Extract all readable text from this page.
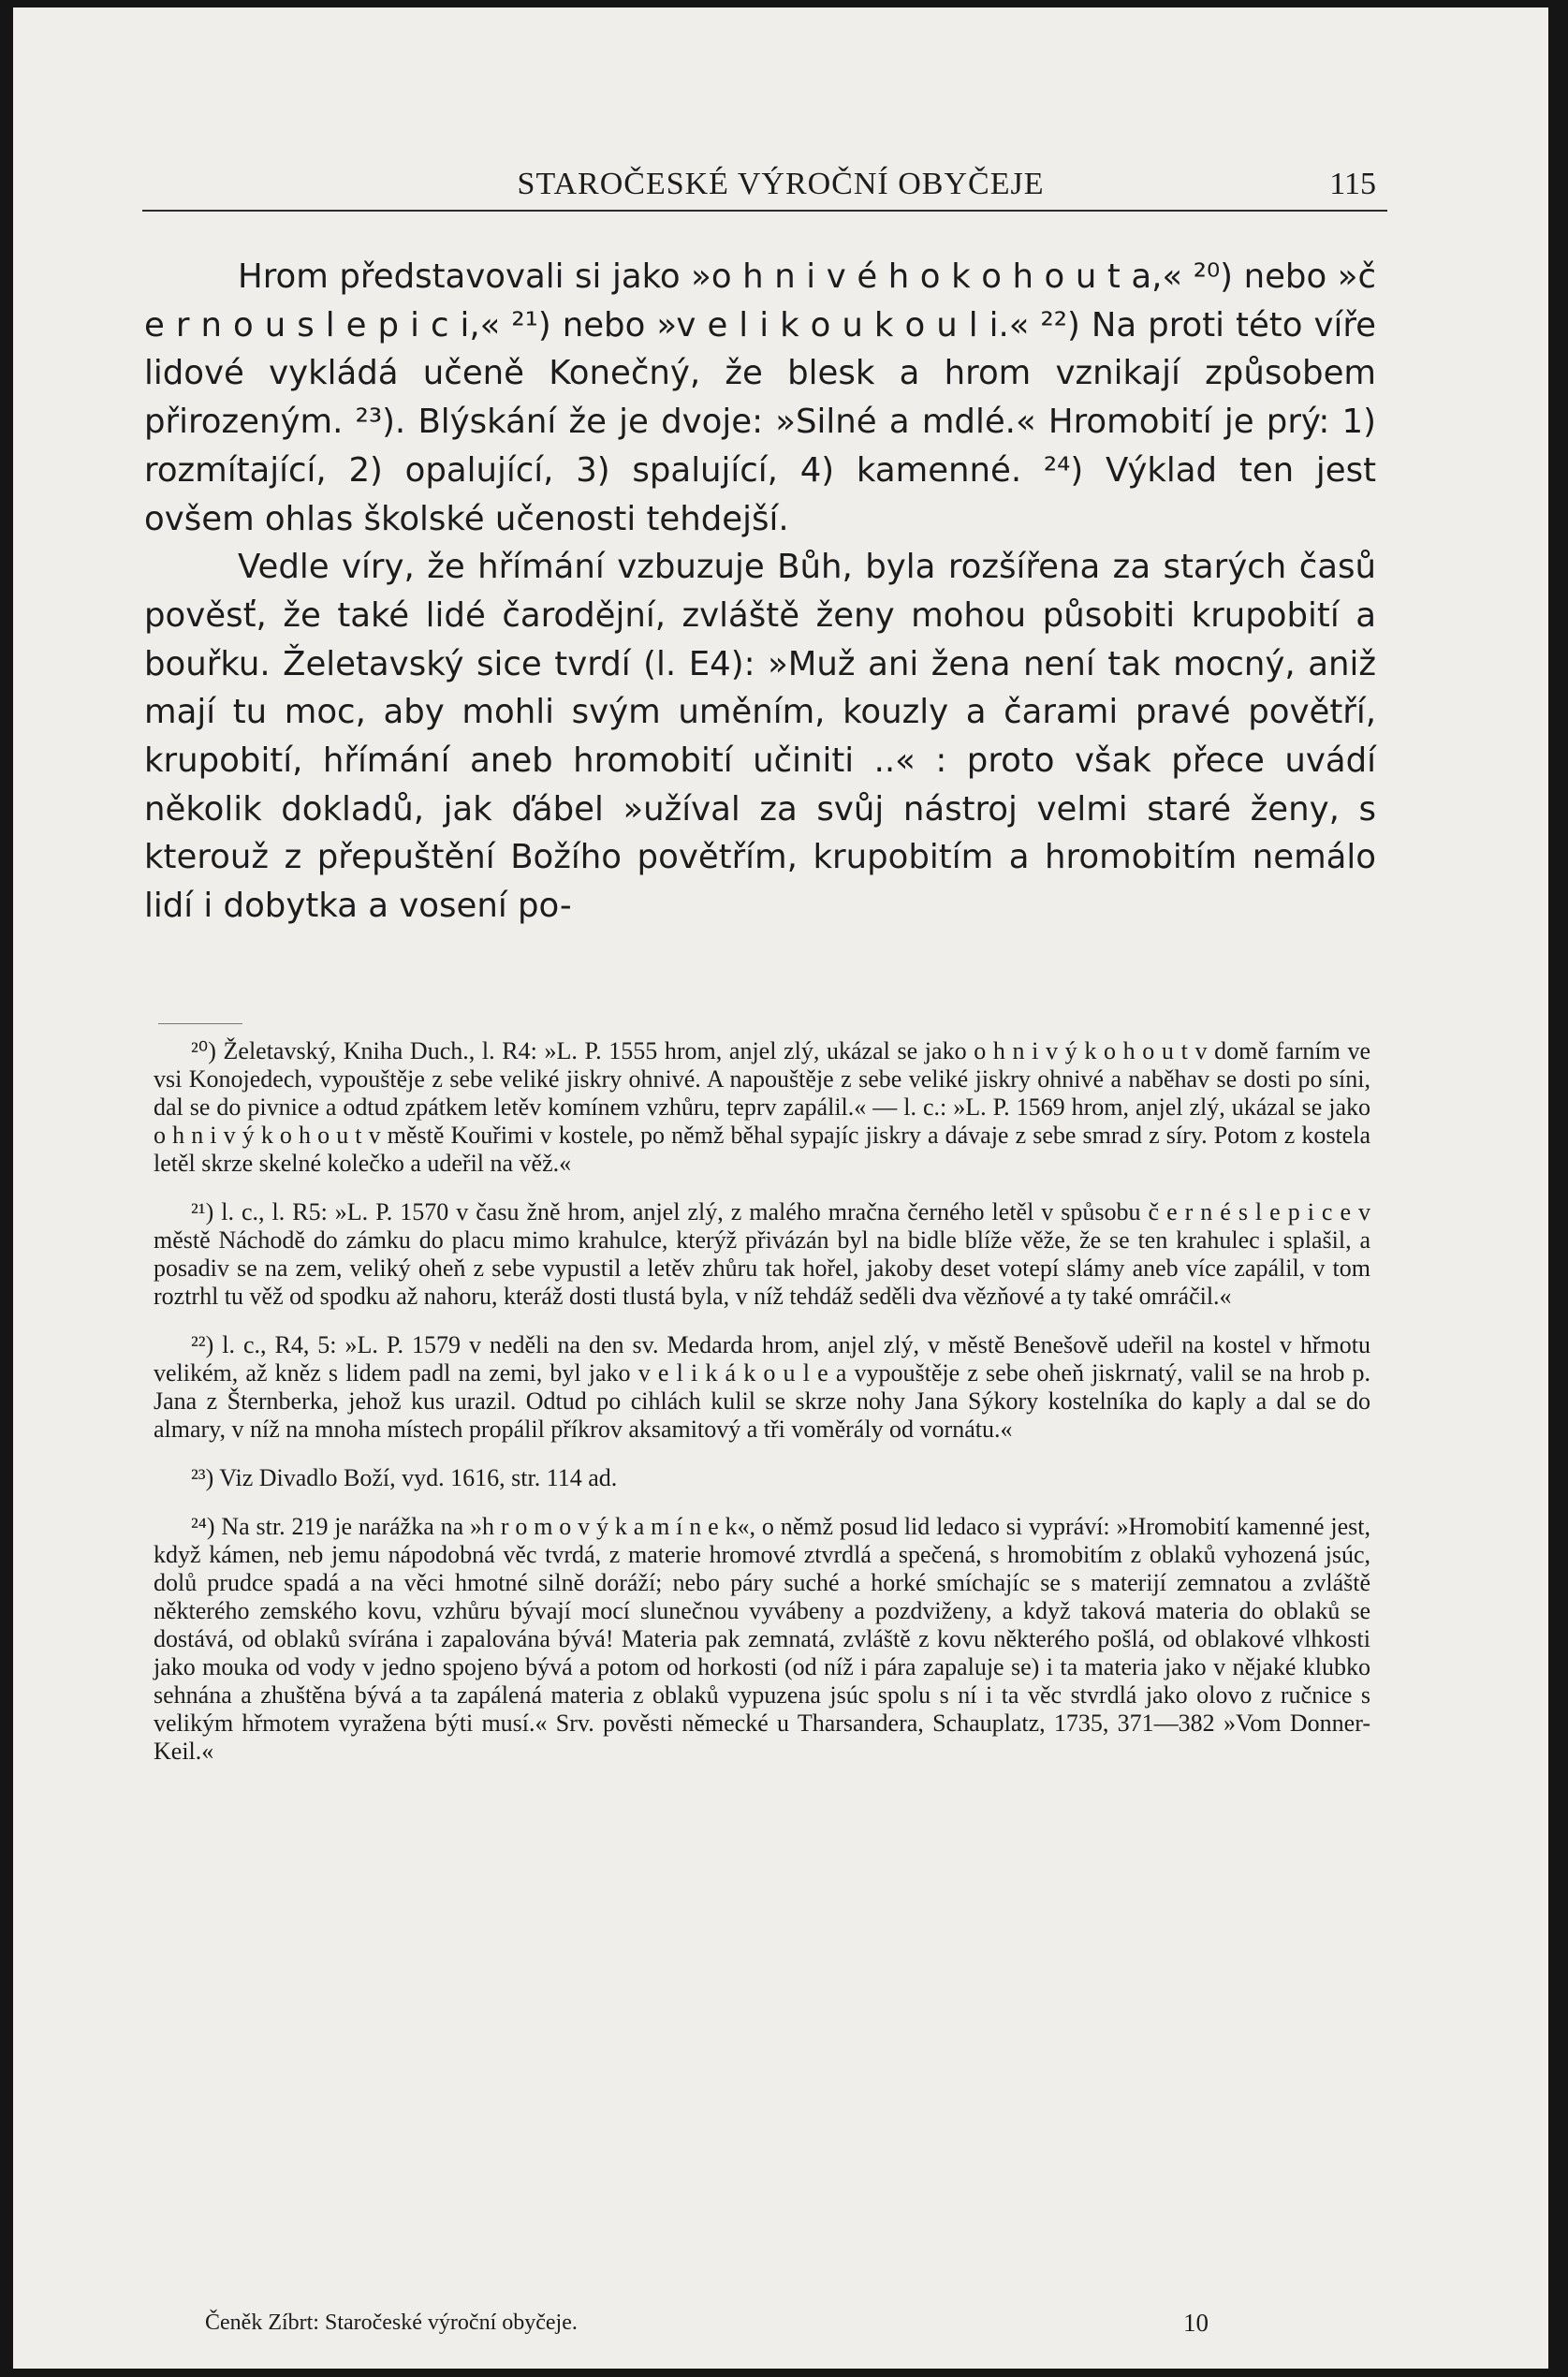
STAROČESKÉ VÝROČNÍ OBYČEJE	115

Hrom představovali si jako »o h n i v é h o k o h o u t a,« ²⁰) nebo »č e r n o u s l e p i c i,« ²¹) nebo »v e l i k o u k o u l i.« ²²) Na proti této víře lidové vykládá učeně Konečný, že blesk a hrom vznikají způsobem přirozeným. ²³). Blýskání že je dvoje: »Silné a mdlé.« Hromobití je prý: 1) rozmítající, 2) opalující, 3) spalující, 4) kamenné. ²⁴) Výklad ten jest ovšem ohlas školské učenosti tehdejší.

Vedle víry, že hřímání vzbuzuje Bůh, byla rozšířena za starých časů pověsť, že také lidé čarodějní, zvláště ženy mohou působiti krupobití a bouřku. Želetavský sice tvrdí (l. E4): »Muž ani žena není tak mocný, aniž mají tu moc, aby mohli svým uměním, kouzly a čarami pravé povětří, krupobití, hřímání aneb hromobití učiniti ..« : proto však přece uvádí několik dokladů, jak ďábel »užíval za svůj nástroj velmi staré ženy, s kterouž z přepuštění Božího povětřím, krupobitím a hromobitím nemálo lidí i dobytka a vosení po-

²⁰) Želetavský, Kniha Duch., l. R4: »L. P. 1555 hrom, anjel zlý, ukázal se jako o h n i v ý k o h o u t v domě farním ve vsi Konojedech, vypouštěje z sebe veliké jiskry ohnivé. A napouštěje z sebe veliké jiskry ohnivé a naběhav se dosti po síni, dal se do pivnice a odtud zpátkem letěv komínem vzhůru, teprv zapálil.« — l. c.: »L. P. 1569 hrom, anjel zlý, ukázal se jako o h n i v ý k o h o u t v městě Kouřimi v kostele, po němž běhal sypajíc jiskry a dávaje z sebe smrad z síry. Potom z kostela letěl skrze skelné kolečko a udeřil na věž.«

²¹) l. c., l. R5: »L. P. 1570 v času žně hrom, anjel zlý, z malého mračna černého letěl v spůsobu č e r n é s l e p i c e v městě Náchodě do zámku do placu mimo krahulce, kterýž přivázán byl na bidle blíže věže, že se ten krahulec i splašil, a posadiv se na zem, veliký oheň z sebe vypustil a letěv zhůru tak hořel, jakoby deset votepí slámy aneb více zapálil, v tom roztrhl tu věž od spodku až nahoru, kteráž dosti tlustá byla, v níž tehdáž seděli dva vězňové a ty také omráčil.«

²²) l. c., R4, 5: »L. P. 1579 v neděli na den sv. Medarda hrom, anjel zlý, v městě Benešově udeřil na kostel v hřmotu velikém, až kněz s lidem padl na zemi, byl jako v e l i k á k o u l e a vypouštěje z sebe oheň jiskrnatý, valil se na hrob p. Jana z Šternberka, jehož kus urazil. Odtud po cihlách kulil se skrze nohy Jana Sýkory kostelníka do kaply a dal se do almary, v níž na mnoha místech propálil příkrov aksamitový a tři voměrály od vornátu.«

²³) Viz Divadlo Boží, vyd. 1616, str. 114 ad.

²⁴) Na str. 219 je narážka na »h r o m o v ý k a m í n e k«, o němž posud lid ledaco si vypráví: »Hromobití kamenné jest, když kámen, neb jemu nápodobná věc tvrdá, z materie hromové ztvrdlá a spečená, s hromobitím z oblaků vyhozená jsúc, dolů prudce spadá a na věci hmotné silně doráží; nebo páry suché a horké smíchajíc se s materijí zemnatou a zvláště některého zemského kovu, vzhůru bývají mocí slunečnou vyvábeny a pozdviženy, a když taková materia do oblaků se dostává, od oblaků svírána i zapalována bývá! Materia pak zemnatá, zvláště z kovu některého pošlá, od oblakové vlhkosti jako mouka od vody v jedno spojeno bývá a potom od horkosti (od níž i pára zapaluje se) i ta materia jako v nějaké klubko sehnána a zhuštěna bývá a ta zapálená materia z oblaků vypuzena jsúc spolu s ní i ta věc stvrdlá jako olovo z ručnice s velikým hřmotem vyražena býti musí.« Srv. pověsti německé u Tharsandera, Schauplatz, 1735, 371—382 »Vom Donner-Keil.«

Čeněk Zíbrt: Staročeské výroční obyčeje.	10
